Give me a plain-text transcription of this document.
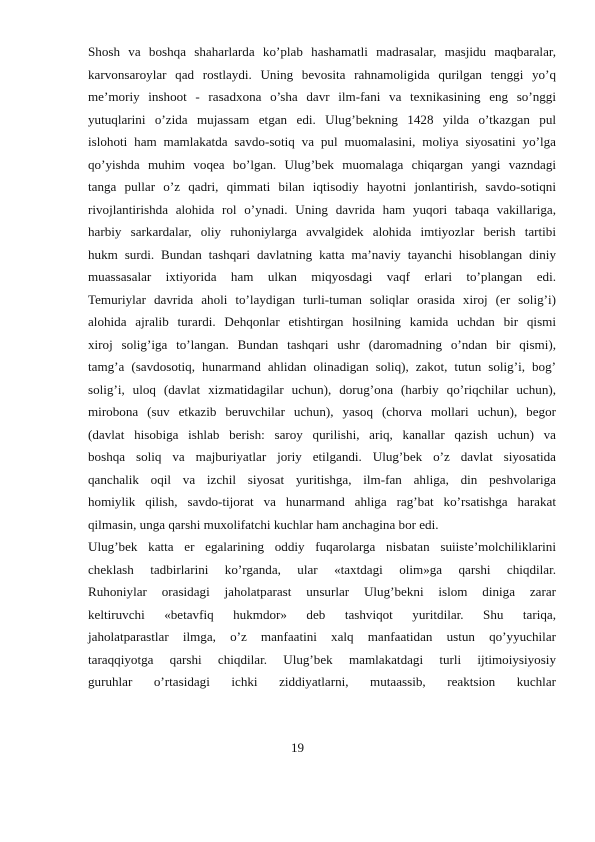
Shosh va boshqa shaharlarda ko’plab hashamatli madrasalar, masjidu maqbaralar,
karvonsaroylar qad rostlaydi. Uning bevosita rahnamoligida qurilgan tenggi yo’q
me’moriy inshoot - rasadxona o’sha davr ilm-fani va texnikasining eng so’nggi
yutuqlarini o’zida mujassam etgan edi. Ulug’bekning 1428 yilda o’tkazgan pul
islohoti ham mamlakatda savdo-sotiq va pul muomalasini, moliya siyosatini yo’lga
qo’yishda muhim voqea bo’lgan. Ulug’bek muomalaga chiqargan yangi vazndagi
tanga pullar o’z qadri, qimmati bilan iqtisodiy hayotni jonlantirish, savdo-sotiqni
rivojlantirishda alohida rol o’ynadi. Uning davrida ham yuqori tabaqa vakillariga,
harbiy sarkardalar, oliy ruhoniylarga avvalgidek alohida imtiyozlar berish tartibi
hukm surdi. Bundan tashqari davlatning katta ma’naviy tayanchi hisoblangan diniy
muassasalar ixtiyorida ham ulkan miqyosdagi vaqf erlari to’plangan edi.
Temuriylar davrida aholi to’laydigan turli-tuman soliqlar orasida xiroj (er solig’i)
alohida ajralib turardi. Dehqonlar etishtirgan hosilning kamida uchdan bir qismi
xiroj solig’iga to’langan. Bundan tashqari ushr (daromadning o’ndan bir qismi),
tamg’a (savdosotiq, hunarmand ahlidan olinadigan soliq), zakot, tutun solig’i, bog’
solig’i, uloq (davlat xizmatidagilar uchun), dorug’ona (harbiy qo’riqchilar uchun),
mirobona (suv etkazib beruvchilar uchun), yasoq (chorva mollari uchun), begor
(davlat hisobiga ishlab berish: saroy qurilishi, ariq, kanallar qazish uchun) va
boshqa soliq va majburiyatlar joriy etilgandi. Ulug’bek o’z davlat siyosatida
qanchalik oqil va izchil siyosat yuritishga, ilm-fan ahliga, din peshvolariga
homiylik qilish, savdo-tijorat va hunarmand ahliga rag’bat ko’rsatishga harakat
qilmasin, unga qarshi muxolifatchi kuchlar ham anchagina bor edi.
Ulug’bek katta er egalarining oddiy fuqarolarga nisbatan suiiste’molchiliklarini
cheklash tadbirlarini ko’rganda, ular «taxtdagi olim»ga qarshi chiqdilar.
Ruhoniylar orasidagi jaholatparast unsurlar Ulug’bekni islom diniga zarar
keltiruvchi «betavfiq hukmdor» deb tashviqot yuritdilar. Shu tariqa,
jaholatparastlar ilmga, o’z manfaatini xalq manfaatidan ustun qo’yyuchilar
taraqqiyotga qarshi chiqdilar. Ulug’bek mamlakatdagi turli ijtimoiysiyosiy
guruhlar o’rtasidagi ichki ziddiyatlarni, mutaassib, reaktsion kuchlar
19
